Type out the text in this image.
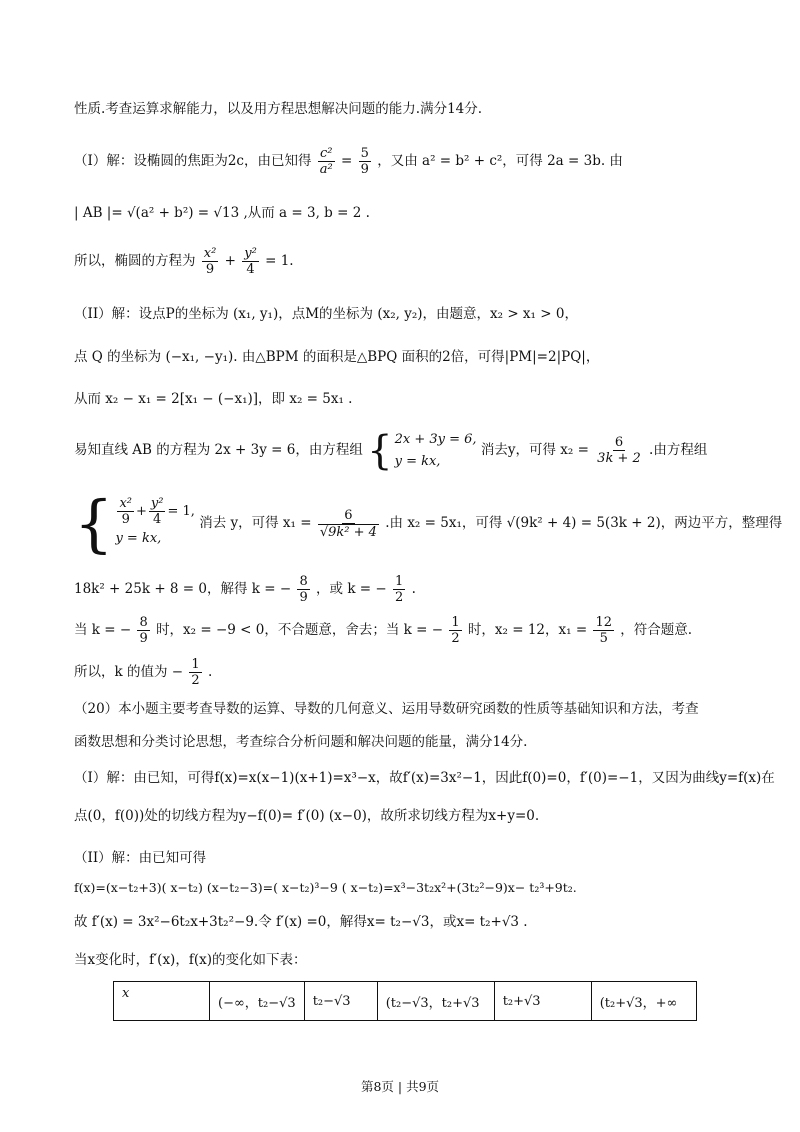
性质.考查运算求解能力，以及用方程思想解决问题的能力.满分14分.
（I）解：设椭圆的焦距为2c，由已知得 $\frac{\text{c²}}{\text{a²}} = \frac{5}{9}$ ，又由 a² = b² + c²，可得 2a = 3b. 由
| AB |= √(a² + b²) = √13 ,从而 a = 3, b = 2 .
所以，椭圆的方程为 $\frac{\text{x²}}{9} + \frac{\text{y²}}{4} = 1$.
（II）解：设点P的坐标为 (x₁, y₁)，点M的坐标为 (x₂, y₂)，由题意，x₂ > x₁ > 0，
点 Q 的坐标为 (−x₁, −y₁). 由△BPM 的面积是△BPQ 面积的2倍，可得|PM|=2|PQ|，
从而 x₂ − x₁ = 2[x₁ − (−x₁)]，即 x₂ = 5x₁ .
易知直线 AB 的方程为 2x + 3y = 6，由方程组 { 2x + 3y = 6,
y = kx,
消去y，可得 $x_2 = \frac{6}{3k + 2}$ .由方程组
{ $\frac{\text{x²}}{9} + \frac{\text{y²}}{4} = 1$,
y = kx,
消去 y，可得 $x_1 = \frac{6}{\text{√9k² + 4}}$ .由 x₂ = 5x₁，可得 √(9k² + 4) = 5(3k + 2)，两边平方，整理得
18k² + 25k + 8 = 0，解得 k = − $\frac{8}{9}$ ，或 k = − $\frac{1}{2}$ .
当 k = − $\frac{8}{9}$ 时，x₂ = −9 < 0，不合题意，舍去；当 k = − $\frac{1}{2}$ 时，x₂ = 12，$x_1 = \frac{12}{5}$ ，符合题意.
所以，k 的值为 − $\frac{1}{2}$ .
（20）本小题主要考查导数的运算、导数的几何意义、运用导数研究函数的性质等基础知识和方法，考查
函数思想和分类讨论思想，考查综合分析问题和解决问题的能量，满分14分.
（I）解：由已知，可得f(x)=x(x−1)(x+1)=x³−x，故f′(x)=3x²−1，因此f(0)=0，f′(0)=−1，又因为曲线y=f(x)在
点(0，f(0))处的切线方程为y−f(0)= f′(0) (x−0)，故所求切线方程为x+y=0.
（II）解：由已知可得
f(x)=(x−t₂+3)( x−t₂) (x−t₂−3)=( x−t₂)³−9 ( x−t₂)=x³−3t₂x²+(3t₂²−9)x− t₂³+9t₂.
故 f′(x) = 3x²−6t₂x+3t₂²−9.令 f′(x) =0，解得x= t₂−√3，或x= t₂+√3 .
当x变化时，f′(x)，f(x)的变化如下表：
x	(−∞，t₂−√3	t₂−√3	(t₂−√3，t₂+√3	t₂+√3	(t₂+√3，+∞
第8页 | 共9页
